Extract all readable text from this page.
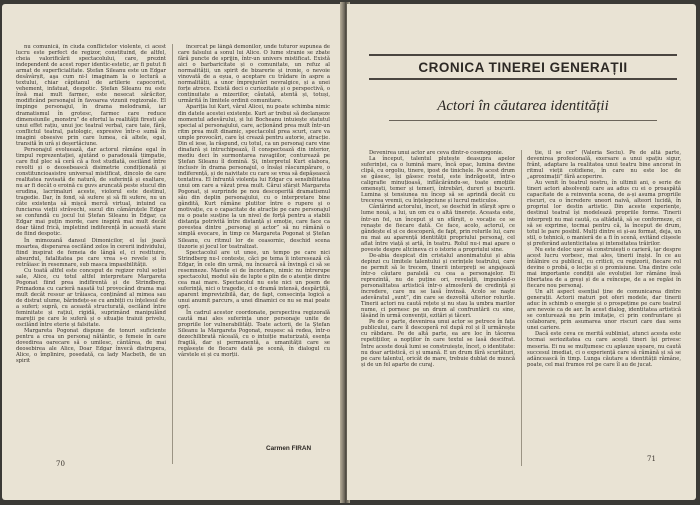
nu comunică, în ciuda conflictelor violente, ci acest lucru este perfect de regizor, constituind, de altfel, cheia valorificării spectacolului, care, prezint independent de acest roper identic-estetic, ar fi putut fi armat de superficialitate. Ștefan Sileanu este un Edgar desăvârșit, aşa cum ni-l imaginam la o lectură a textului, chiar căpitanul de artilerie capocorist, vehement, infatuat, despotic. Ștefan Sileanu nu este însă mai mult farmec, este nesecat sărăcitor, modificând personajul în favoarea vizunii regizorale. El împinge personajul, în drama melodramă, iar dramatismul în grotesc, farmec care reduce dimensiunile „monstru” de efortul la realității firesti ale unui effet rațiu, unui joc teatral verbal, care taie, fără, conflictul teatral, patologic, expresive într-o sumă în imagini obsesive prin care lumea, că altele, egal, transită în urâ și deșertăciune.

Personajul evoluează, dar actorul rămâne egal în timpul reprezentației, ajutând o paradoxală tiimpatie, care fiul plec să ceră că a fost studiată, oscilând între revolti și o deosebească disimetrie condiționată și constituncioasistre universal mistificat, dincolo de care realitatea ravisată de natură, de suferință și exaltare, nu ar fi decât o eroină cu guvs aruncată peste stucul din erudina, lacrimaluri aceste, violorul este destinul, tragedie. Dar, în fond, să sufere și să fii sufere, nu un câte existența să mișcă mercă virtual, intuind ca funciarea vieții străvechi, sucul din cămăruțele Edgar se confundă cu jocul lui Ștefan Sileanu în Edgar, ca Edgar mai puțin morde, care inspiră mai mult decât doar tăind frică, impletind indiferență în această stare de fiind despotic.

În mimozană dansul Dimonicilor, el își joacă moartea, disperarea oscilând zelos în cererii individului, fiind inspirat de femeia de lângă el, ci restituire, absurdul, fatalitatea pe care vrea s-o revele și în retrăiasc în resemnare, sub masca impasibilității.

Cu toată altfel este conceput de regizor rolul soției sale, Alice, cu totul altfel interpretare Margareta Pogonat fiind prea indifirentă și de Strindberg. Primadona cu carieră nașată tul provocând drama mai mult decât ressur ar trăiasca, conținând al mimea sau de distrat ulume, bărindețe-se cu ambiții cu înțelesul de a suferi; supră, cu această structurată, oscilând între feminitate și rațiul, rigidă, suprimând manipulând mareții pe care le suferă și o situație traiuii privelu, oscilând între eterie și falsitate.

Margareta Pogonat dispune de tonuri suficiente pentru a crea un personaj nătântic, o femeie în care dovedirea oarecare să o umilesc, cântărea, de mai deosebirea ale Alice, Doar Edgar învecă distrupera, Alice, o împlinire, posedată, ca lady Macbeth, de un spirit

încercat pe lângă demonilor, unde tuturor supunea de care falsului a sonul lui Alice. O lume stranie se zbate fără puncte de sprijin, într-un univers mistificat. Există aici o barbaricitate și o comunitate, un refuz al normalității, un spirit de bizarerie și ironie, o nevoie vinovată de a eșua, o aceptare cu trădare în aspre a normalității, a unor împrejurări nevralgice, și a unei forțe atroce. Există deci o curiozitate și o perspectivă, o continuitate a mizeriilor, căutată, atentă și, totuși, urmărită în limitele ordinii comunitare.

Apariția lui Kurt, vărul Alicei, nu poate schimba nimic din datele acestei existențe. Kurt ar trebui să declanșeze momentul adevărului, și lui Bocheanu intuiește statutul special al personajului, care, acționând prea mult într-un ritm prea mult dinamic, spectacolul prea scurt, care va umple provocări, care își crează pentru autorie, atracție. Din el iese, la răspund, cu totul, ca un personaj care vine dinafară și intruchipează, îl conspectează din interior, mediu deci în surmontarea ravagiilor, conturează pe Ștefan Sileanu îl domină. Și, interpretul Kurt elabora, inclusiv în drama personajul, o însăși răscumpărare, o indiferență, și de naivitate cu care se vrea să depășească tentativa. El înfruntă violența lui Edgar cu sensibilitatea unui om care a văzut prea mult. Cărui sfârșit Margareta Pogonat, și surprinde pe nou descoperită dramatismul său din deplin personajului, cu o interpretare bine gândită, Kurt rămâne plutitor între o rupere și o motivație, cu o capacitate de atracție pe care personajul nu o poate susține la un nivel de forță pentru a stabili distanța potrivită între distanță și emoție, care face ca povestea dintre „personaj și actor” să nu rămână o simplă evocare, în timp ce Margareta Pogonat și Ștefan Sileanu, cu ritmul lor de ceasornic, deschid scena iluzorie și jocul lor teatralizat.

Spectacolul are ut unee, un tempo pe care nici Strindberg nu-l conteste, căci pe tema îi interesează că Edgar, în cele din urmă, nu încearcă să învingă ci să se resemneze. Marele ei de încordare, nimic nu întrerupe spectacolul, modul său de lupte e plin de o atenție dintre cea mai mare. Spectacolul nu este nici un poem de suferință, nici o tragedie, ci o dramă intensă, despărțită, aparent imprevizibilă, dar, de fapt, consecința logică a unui anumit parcurs, a unei dinamici ce nu se mai poate opri.

În cadrul acestor coordonate, perspectiva regizorală caută mai ales suferința unor personaje unite de propriile lor vulnerabilități. Toate actorii, de la Ștefan Sileanu la Margareta Pogonat, reușesc să redea, într-o dezechilibrată răceală, cu o intuiție maturizată, esența fragilă, dar și permanentă, a umanității care se regăsește de fiecare dată pe scenă, în dialogul cu vârstele ei și cu morții.

Carmen FIRAN
70
CRONICA TINEREI GENERAȚII
Actori în căutarea identității

Devenirea unui actor are ceva dintr-o cosmogonie.

La început, talentul plutește deasupra apelor suferinței, ca o lumină mare, încă opac, lumina devine clipă, cu orgoliu, tinere, ipost de tinichele. Pe acest drum se găsesc, își găsesc rostul, este îndrăgostit, într-o caligrafie minuțioasă, inflăcărându-se, toate emoțiile omenești, temer și temeri, întrebări, dureri și bucurii. Lumina și tensiunea nu încep să se aprindă decât cu trecerea vremii, cu înțelepciune și lucrul meticulos.

Cântărind actorului, încet, se deschid în sfârșit spre o lume nouă, a lui, un om cu o altă tinerețe. Aceasta este, într-un fel, un început și un sfârșit, o vocație ce se renaște de fiecare dată. Ce face, acolo, actorul, ce gândește el și ce descoperă, de fapt, prin rolurile lui, care nu mai au aparență identității propriului personaj, cel aflat între viață și artă, în teatru. Rolul nu-i mai apare o poveste despre altcineva ci o istorie a propriului sine.

De-abia despicat din cristalul anonimatului și abia depinzi cu limitele talentului și cerințele teatrului, care ne permit să le trecem, tinerii interpreți se angajează într-o căutare paralelă cu cea a personajelor. Ei reprezintă, nu de puține ori, revelații, impunând-o personalitatea artistică într-o atmosferă de credință și încredere, care nu se lasă învinsă. Acolo se naște adevăratul „sunt”, din care se dezvoltă ulterior rolurile. Tinerii actori nu caută rețete și nu stau la umbra marilor nume, ci pornesc pe un drum al confruntării cu sine, lăsând în urmă convenții, ezitări și tăceri.

Pe de o parte, devenirea unui actor se petrece în fața publicului, care îl descoperă rol după rol și îl urmărește cu răbdare. Pe de altă parte, ea are loc în tăcerea repetițiilor, a nopților în care textul se lasă descifrat. Între aceste două lumi se construiește, încet, o identitate: nu doar artistică, ci și umană. E un drum fără scurtături, pe care talentul, oricât de mare, trebuie dublat de muncă și de un fel aparte de curaj.

ție, il se cer” (Valeria Seciu). Pe de altă parte, devenirea profesională, exersare a unui spațiu sigur, frânt, adaptare la realitatea unui teatru bine ancorat în ritmul vieții cotidiene, în care nu este loc de „aproximații” fără acoperire.

Au venit în teatrul nostru, în ultimii ani, o serie de tineri actori absolvenți care au adus cu ei o proaspătă capacitate de a reinventa scena, de a-și asuma propriile riscuri, cu o încredere uneori naivă, alteori lucidă, în propriul lor destin artistic. Din aceste experiențe, destinul teatral își modelează propriile forme. Tinerii interpreți nu mai caută, ca altădată, să se conformeze, ci să se exprime, tocmai pentru că, la început de drum, totul le pare posibil. Mulți dintre ei și-au format, deja, un stil, o tehnică, o manieră de a fi în scenă, evitând clișeele și preferând autenticitatea și intensitatea trăirilor.

Nu este deloc ușor să construiești o carieră, iar despre acest lucru vorbesc, mai ales, tinerii înșiși. În ce au întâlnire cu publicul, cu criticii, cu regizorii, fiecare rol devine o probă, o lecție și o promisiune. Una dintre cele mai importante condiții ale evoluției lor rămâne însă libertatea de a greși și de a reîncepe, de a se regăsi în fiecare nou personaj.

Un alt aspect esențial ține de comunicarea dintre generații. Actorii maturi pot oferi modele, dar tinerii aduc în schimb o energie și o prospețime pe care teatrul are nevoie ca de aer. În acest dialog, identitatea artistică se conturează nu prin imitație, ci prin confruntare și colaborare, prin asumarea unor riscuri care dau sens unei cariere.

Dacă este ceva ce merită subliniat, atunci acesta este tocmai seriozitatea cu care acești tineri își privesc meseria. Ei nu se mulțumesc cu aplauze ușoare, nu caută succesul imediat, ci o experiență care să rămână și să se adâncească în timp. Lunga căutare a identității rămâne, poate, cel mai frumos rol pe care îl au de jucat.

71
